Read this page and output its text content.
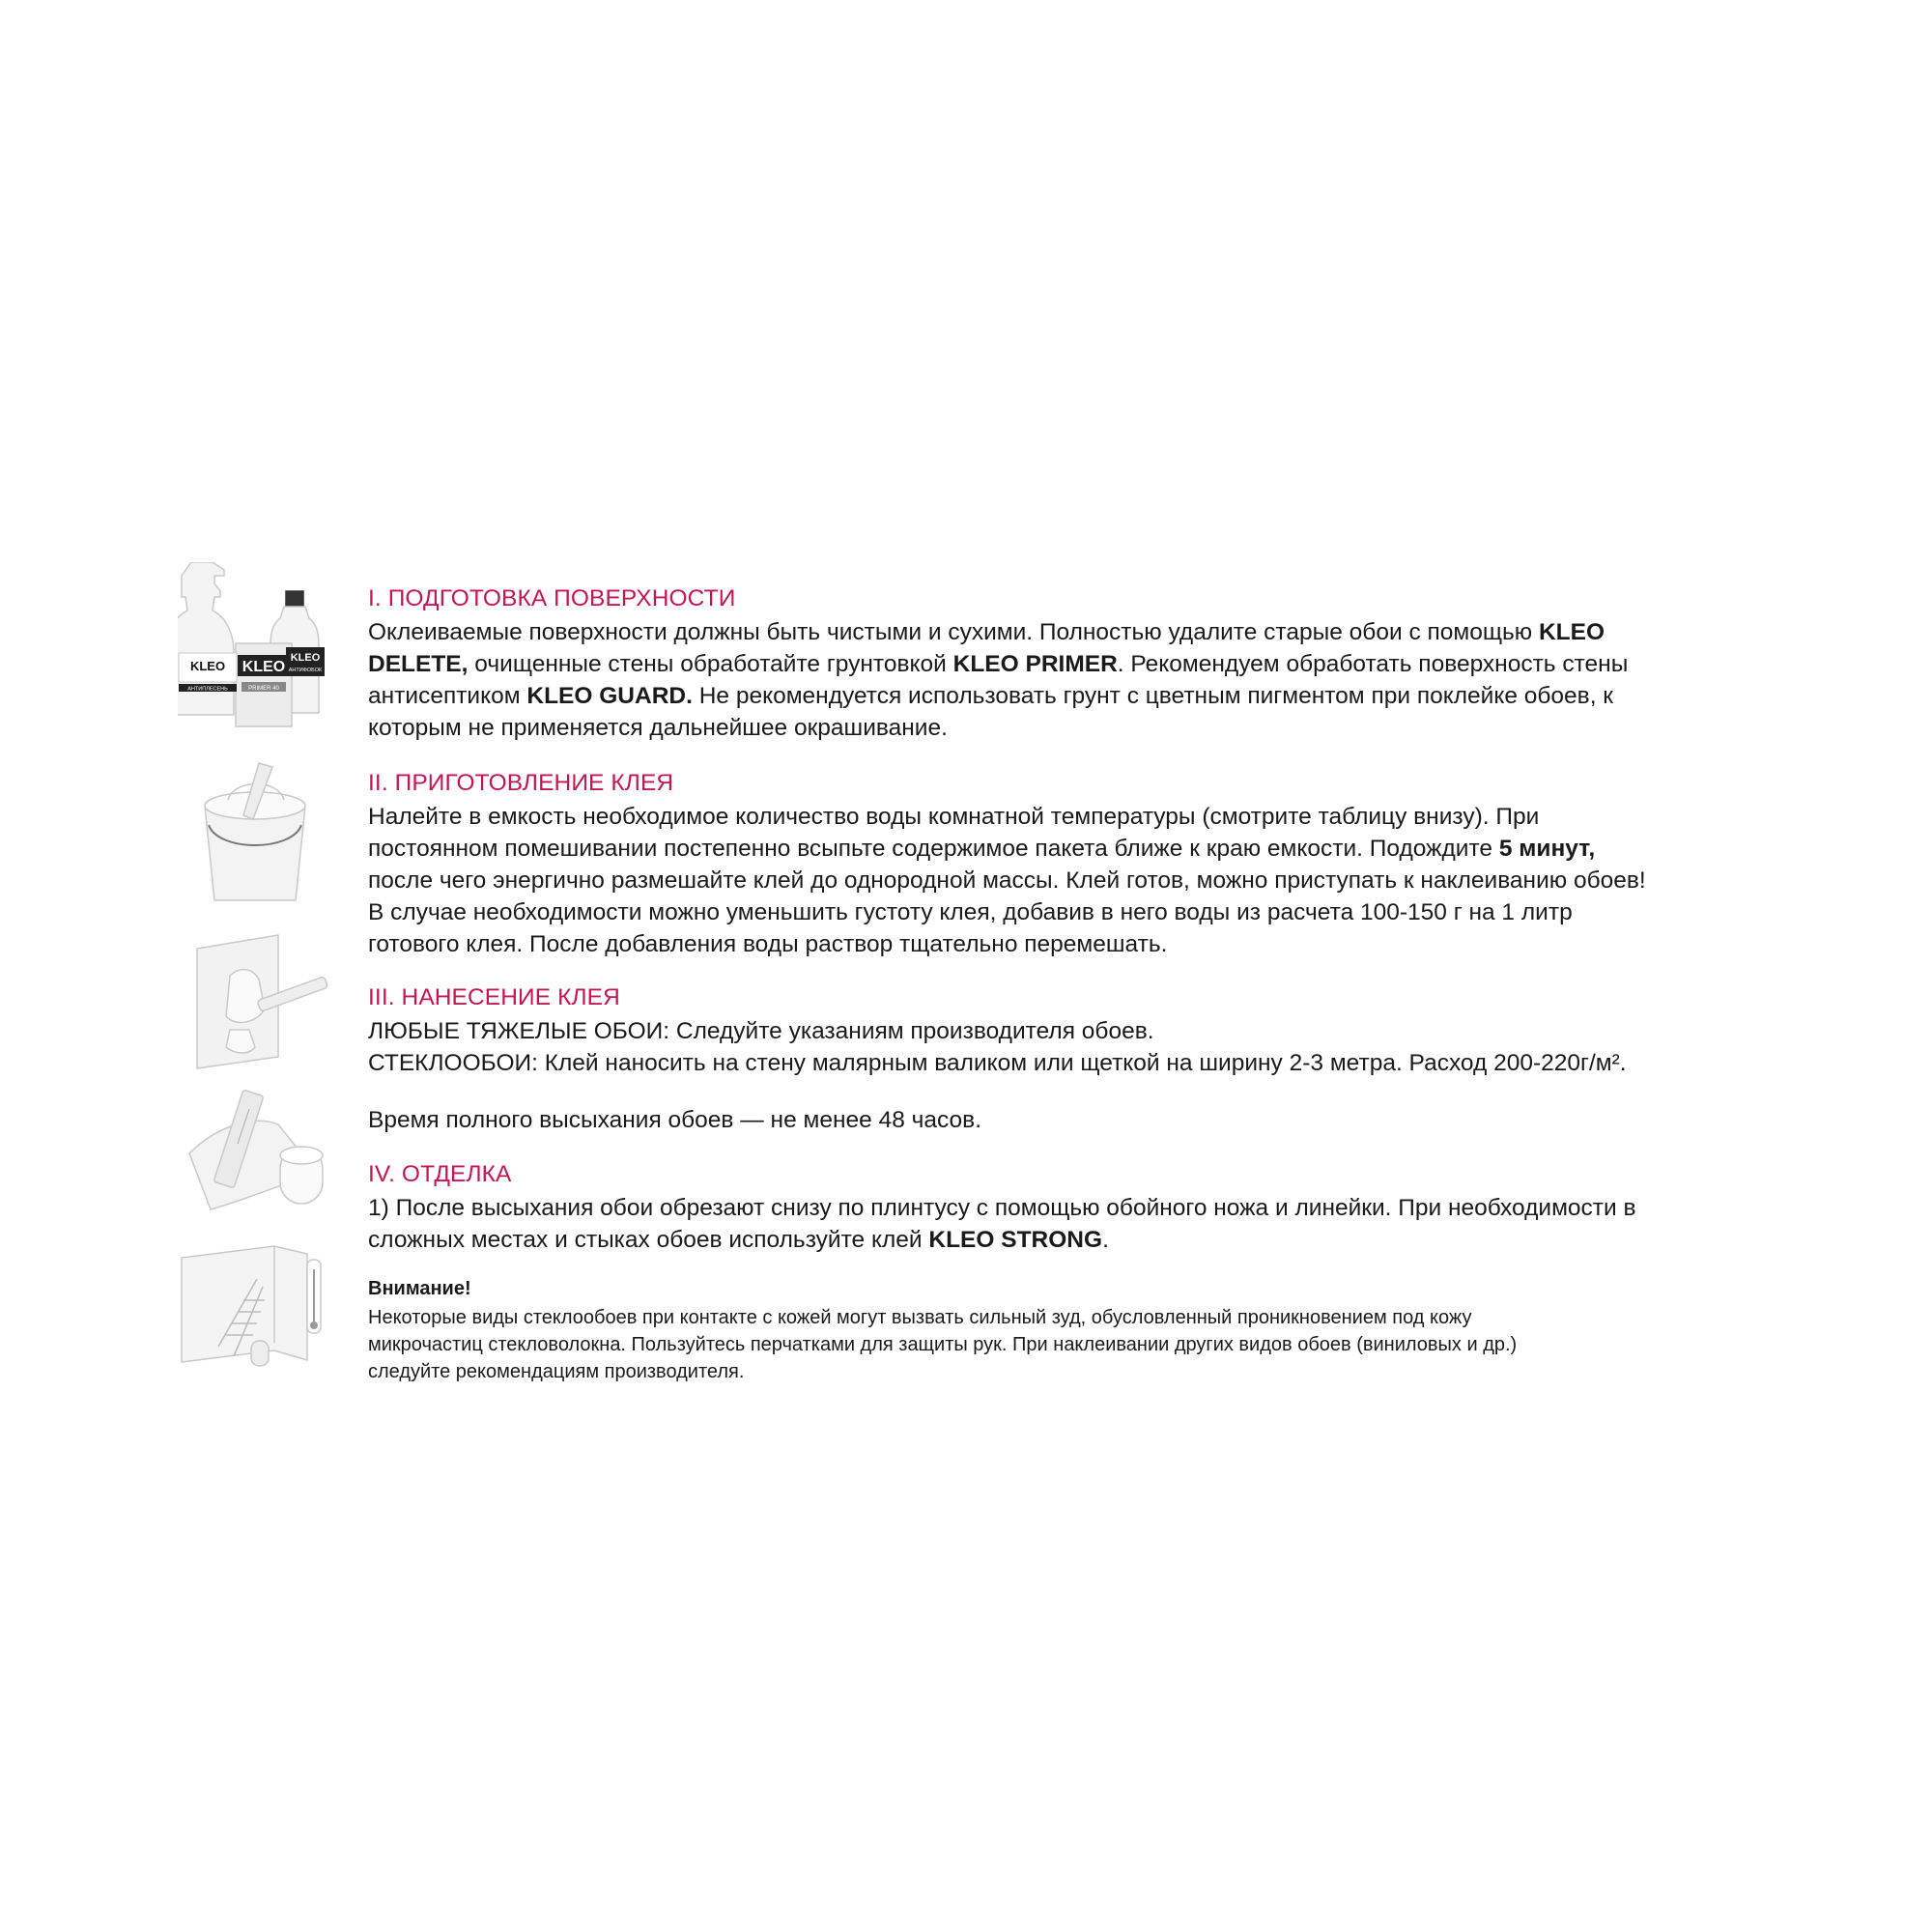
I. ПОДГОТОВКА ПОВЕРХНОСТИ
Оклеиваемые поверхности должны быть чистыми и сухими. Полностью удалите старые обои с помощью KLEO
DELETE, очищенные стены обработайте грунтовкой KLEO PRIMER. Рекомендуем обработать поверхность стены
антисептиком KLEO GUARD. Не рекомендуется использовать грунт с цветным пигментом при поклейке обоев, к
которым не применяется дальнейшее окрашивание.
II. ПРИГОТОВЛЕНИЕ КЛЕЯ
Налейте в емкость необходимое количество воды комнатной температуры (смотрите таблицу внизу). При
постоянном помешивании постепенно всыпьте содержимое пакета ближе к краю емкости. Подождите 5 минут,
после чего энергично размешайте клей до однородной массы. Клей готов, можно приступать к наклеиванию обоев!
В случае необходимости можно уменьшить густоту клея, добавив в него воды из расчета 100-150 г на 1 литр
готового клея. После добавления воды раствор тщательно перемешать.
III. НАНЕСЕНИЕ КЛЕЯ
ЛЮБЫЕ ТЯЖЕЛЫЕ ОБОИ: Следуйте указаниям производителя обоев.
СТЕКЛООБОИ: Клей наносить на стену малярным валиком или щеткой на ширину 2-3 метра. Расход 200-220г/м².
Время полного высыхания обоев — не менее 48 часов.
IV. ОТДЕЛКА
1) После высыхания обои обрезают снизу по плинтусу с помощью обойного ножа и линейки. При необходимости в
сложных местах и стыках обоев используйте клей KLEO STRONG.
Внимание!
Некоторые виды стеклообоев при контакте с кожей могут вызвать сильный зуд, обусловленный проникновением под кожу
микрочастиц стекловолокна. Пользуйтесь перчатками для защиты рук. При наклеивании других видов обоев (виниловых и др.)
следуйте рекомендациям производителя.
KLEO
АНТИПЛЕСЕНЬ
KLEO
PRIMER 40
KLEO
АНТИФОБОК
